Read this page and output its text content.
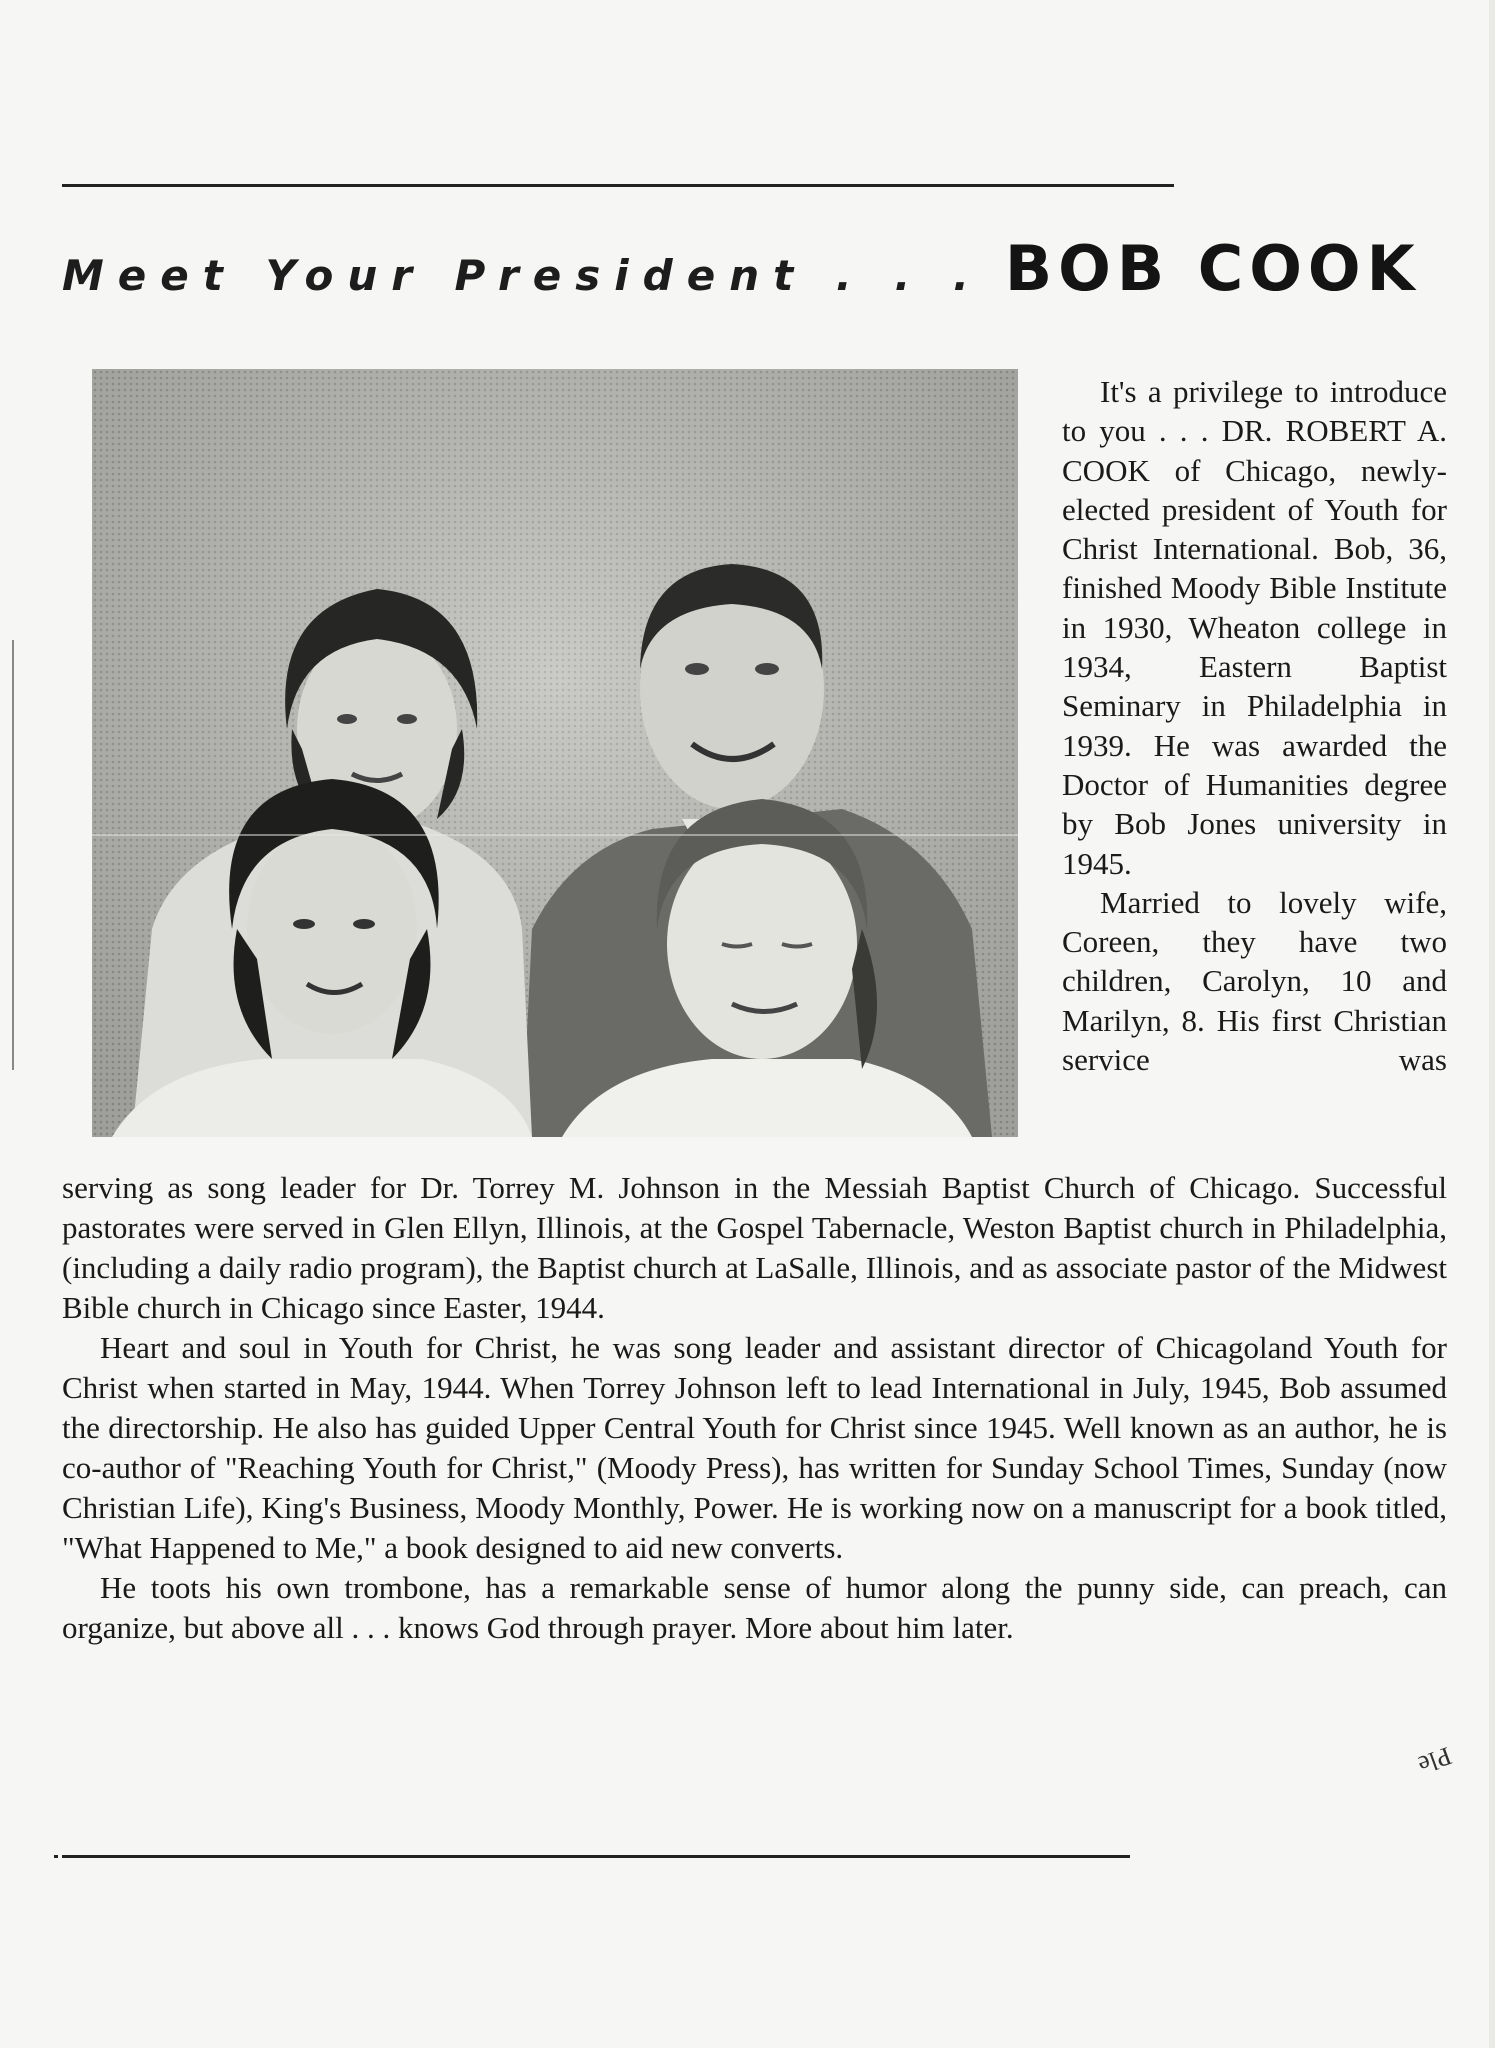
Meet Your President . . . BOB COOK

It's a privilege to introduce to you . . . DR. ROBERT A. COOK of Chicago, newly-elected president of Youth for Christ International. Bob, 36, finished Moody Bible Institute in 1930, Wheaton college in 1934, Eastern Baptist Seminary in Philadelphia in 1939. He was awarded the Doctor of Humanities degree by Bob Jones university in 1945.

Married to lovely wife, Coreen, they have two children, Carolyn, 10 and Marilyn, 8. His first Christian service was

serving as song leader for Dr. Torrey M. Johnson in the Messiah Baptist Church of Chicago. Successful pastorates were served in Glen Ellyn, Illinois, at the Gospel Tabernacle, Weston Baptist church in Philadelphia, (including a daily radio program), the Baptist church at LaSalle, Illinois, and as associate pastor of the Midwest Bible church in Chicago since Easter, 1944.

Heart and soul in Youth for Christ, he was song leader and assistant director of Chicagoland Youth for Christ when started in May, 1944. When Torrey Johnson left to lead International in July, 1945, Bob assumed the directorship. He also has guided Upper Central Youth for Christ since 1945. Well known as an author, he is co-author of "Reaching Youth for Christ," (Moody Press), has written for Sunday School Times, Sunday (now Christian Life), King's Business, Moody Monthly, Power. He is working now on a manuscript for a book titled, "What Happened to Me," a book designed to aid new converts.

He toots his own trombone, has a remarkable sense of humor along the punny side, can preach, can organize, but above all . . . knows God through prayer. More about him later.

Ple
